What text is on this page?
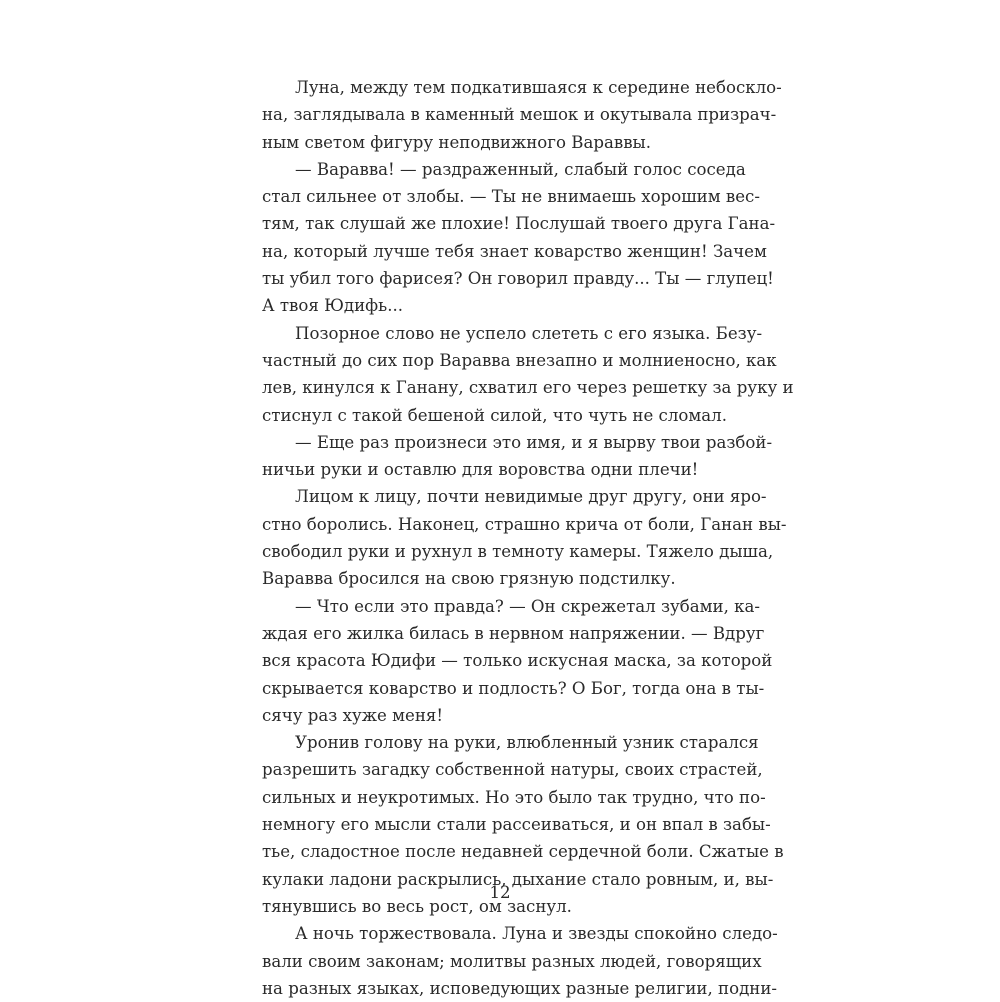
Луна, между тем подкатившаяся к середине небоскло-
на, заглядывала в каменный мешок и окутывала призрач-
ным светом фигуру неподвижного Вараввы.
— Варавва! — раздраженный, слабый голос соседа
стал сильнее от злобы. — Ты не внимаешь хорошим вес-
тям, так слушай же плохие! Послушай твоего друга Гана-
на, который лучше тебя знает коварство женщин! Зачем
ты убил того фарисея? Он говорил правду... Ты — глупец!
А твоя Юдифь...
Позорное слово не успело слететь с его языка. Безу-
частный до сих пор Варавва внезапно и молниеносно, как
лев, кинулся к Ганану, схватил его через решетку за руку и
стиснул с такой бешеной силой, что чуть не сломал.
— Еще раз произнеси это имя, и я вырву твои разбой-
ничьи руки и оставлю для воровства одни плечи!
Лицом к лицу, почти невидимые друг другу, они яро-
стно боролись. Наконец, страшно крича от боли, Ганан вы-
свободил руки и рухнул в темноту камеры. Тяжело дыша,
Варавва бросился на свою грязную подстилку.
— Что если это правда? — Он скрежетал зубами, ка-
ждая его жилка билась в нервном напряжении. — Вдруг
вся красота Юдифи — только искусная маска, за которой
скрывается коварство и подлость? О Бог, тогда она в ты-
сячу раз хуже меня!
Уронив голову на руки, влюбленный узник старался
разрешить загадку собственной натуры, своих страстей,
сильных и неукротимых. Но это было так трудно, что по-
немногу его мысли стали рассеиваться, и он впал в забы-
тье, сладостное после недавней сердечной боли. Сжатые в
кулаки ладони раскрылись, дыхание стало ровным, и, вы-
тянувшись во весь рост, ом заснул.
А ночь торжествовала. Луна и звезды спокойно следо-
вали своим законам; молитвы разных людей, говорящих
на разных языках, исповедующих разные религии, подни-
12
